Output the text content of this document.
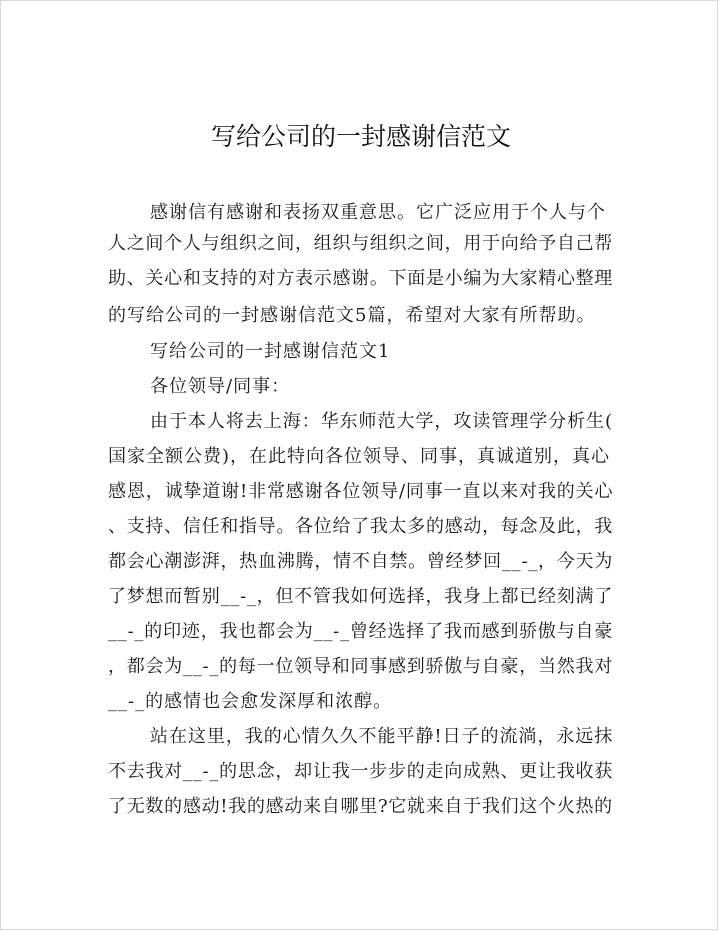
写给公司的一封感谢信范文
感谢信有感谢和表扬双重意思。它广泛应用于个人与个
人之间个人与组织之间，组织与组织之间，用于向给予自己帮
助、关心和支持的对方表示感谢。下面是小编为大家精心整理
的写给公司的一封感谢信范文5篇，希望对大家有所帮助。
写给公司的一封感谢信范文1
各位领导/同事：
由于本人将去上海：华东师范大学，攻读管理学分析生(
国家全额公费)，在此特向各位领导、同事，真诚道别，真心
感恩，诚挚道谢!非常感谢各位领导/同事一直以来对我的关心
、支持、信任和指导。各位给了我太多的感动，每念及此，我
都会心潮澎湃，热血沸腾，情不自禁。曾经梦回__-_，今天为
了梦想而暂别__-_，但不管我如何选择，我身上都已经刻满了
__-_的印迹，我也都会为__-_曾经选择了我而感到骄傲与自豪
，都会为__-_的每一位领导和同事感到骄傲与自豪，当然我对
__-_的感情也会愈发深厚和浓醇。
站在这里，我的心情久久不能平静!日子的流淌，永远抹
不去我对__-_的思念，却让我一步步的走向成熟、更让我收获
了无数的感动!我的感动来自哪里?它就来自于我们这个火热的
